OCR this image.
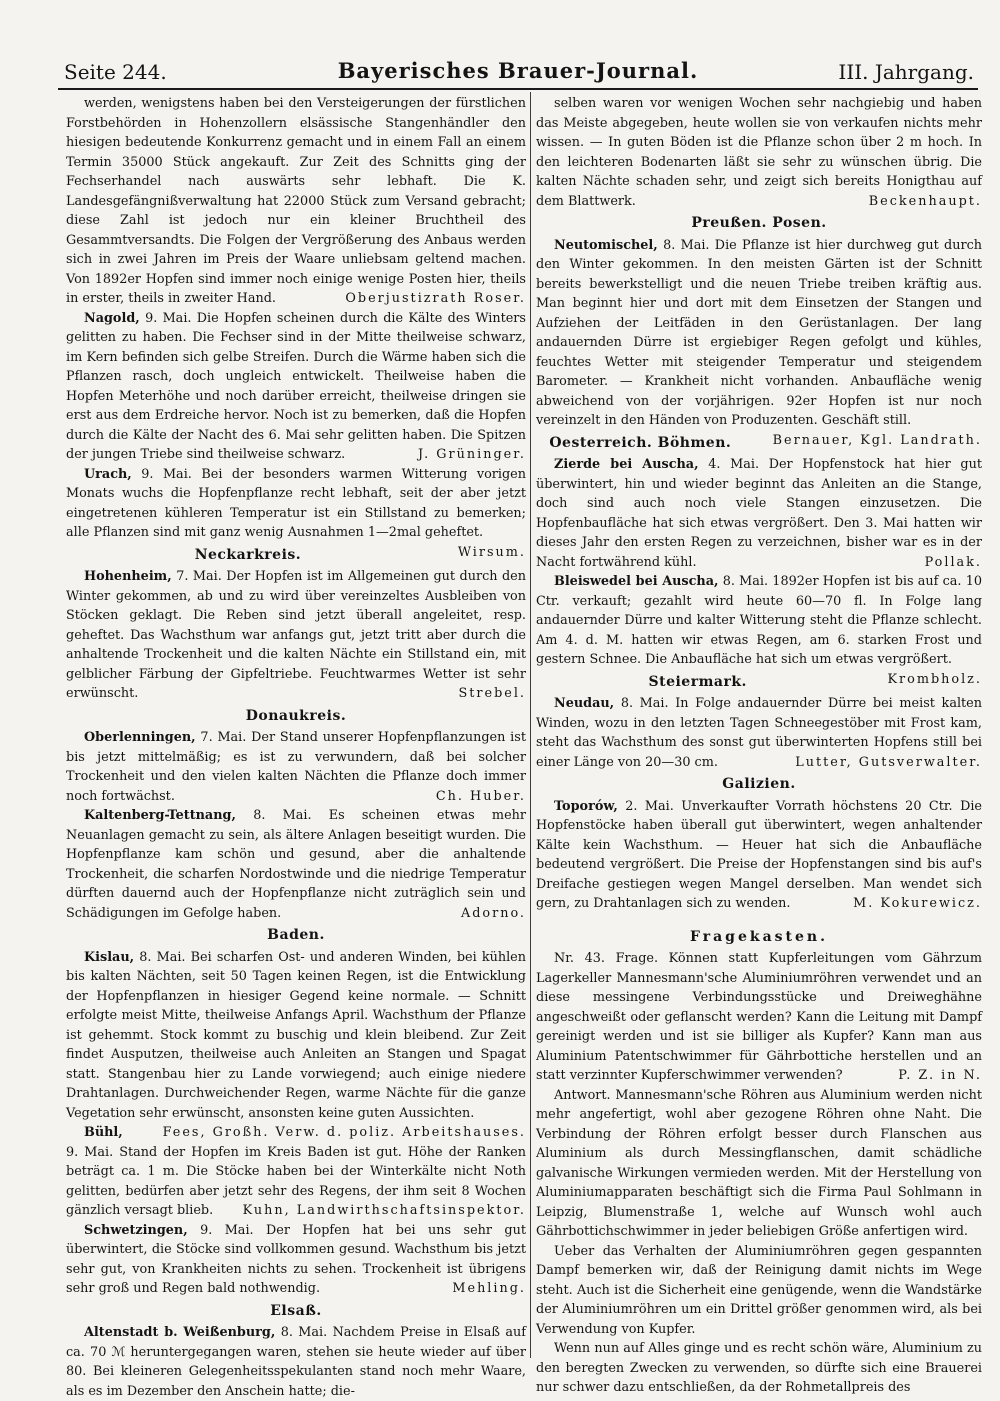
Seite 244.	Bayerisches Brauer-Journal.	III. Jahrgang.

werden, wenigstens haben bei den Versteigerungen der fürstlichen Forstbehörden in Hohenzollern elsässische Stangenhändler den hiesigen bedeutende Konkurrenz gemacht und in einem Fall an einem Termin 35000 Stück angekauft. Zur Zeit des Schnitts ging der Fechserhandel nach auswärts sehr lebhaft. Die K. Landesgefängnißverwaltung hat 22000 Stück zum Versand gebracht; diese Zahl ist jedoch nur ein kleiner Bruchtheil des Gesammtversandts. Die Folgen der Vergrößerung des Anbaus werden sich in zwei Jahren im Preis der Waare unliebsam geltend machen. Von 1892er Hopfen sind immer noch einige wenige Posten hier, theils in erster, theils in zweiter Hand.	Oberjustizrath Roser.

Nagold, 9. Mai. Die Hopfen scheinen durch die Kälte des Winters gelitten zu haben. Die Fechser sind in der Mitte theilweise schwarz, im Kern befinden sich gelbe Streifen. Durch die Wärme haben sich die Pflanzen rasch, doch ungleich entwickelt. Theilweise haben die Hopfen Meterhöhe und noch darüber erreicht, theilweise dringen sie erst aus dem Erdreiche hervor. Noch ist zu bemerken, daß die Hopfen durch die Kälte der Nacht des 6. Mai sehr gelitten haben. Die Spitzen der jungen Triebe sind theilweise schwarz.	J. Grüninger.

Urach, 9. Mai. Bei der besonders warmen Witterung vorigen Monats wuchs die Hopfenpflanze recht lebhaft, seit der aber jetzt eingetretenen kühleren Temperatur ist ein Stillstand zu bemerken; alle Pflanzen sind mit ganz wenig Ausnahmen 1—2mal geheftet.
Wirsum.

Neckarkreis.

Hohenheim, 7. Mai. Der Hopfen ist im Allgemeinen gut durch den Winter gekommen, ab und zu wird über vereinzeltes Ausbleiben von Stöcken geklagt. Die Reben sind jetzt überall angeleitet, resp. geheftet. Das Wachsthum war anfangs gut, jetzt tritt aber durch die anhaltende Trockenheit und die kalten Nächte ein Stillstand ein, mit gelblicher Färbung der Gipfeltriebe. Feuchtwarmes Wetter ist sehr erwünscht.	Strebel.

Donaukreis.

Oberlenningen, 7. Mai. Der Stand unserer Hopfenpflanzungen ist bis jetzt mittelmäßig; es ist zu verwundern, daß bei solcher Trockenheit und den vielen kalten Nächten die Pflanze doch immer noch fortwächst.	Ch. Huber.

Kaltenberg-Tettnang, 8. Mai. Es scheinen etwas mehr Neuanlagen gemacht zu sein, als ältere Anlagen beseitigt wurden. Die Hopfenpflanze kam schön und gesund, aber die anhaltende Trockenheit, die scharfen Nordostwinde und die niedrige Temperatur dürften dauernd auch der Hopfenpflanze nicht zuträglich sein und Schädigungen im Gefolge haben.	Adorno.

Baden.

Kislau, 8. Mai. Bei scharfen Ost- und anderen Winden, bei kühlen bis kalten Nächten, seit 50 Tagen keinen Regen, ist die Entwicklung der Hopfenpflanzen in hiesiger Gegend keine normale. — Schnitt erfolgte meist Mitte, theilweise Anfangs April. Wachsthum der Pflanze ist gehemmt. Stock kommt zu buschig und klein bleibend. Zur Zeit findet Ausputzen, theilweise auch Anleiten an Stangen und Spagat statt. Stangenbau hier zu Lande vorwiegend; auch einige niedere Drahtanlagen. Durchweichender Regen, warme Nächte für die ganze Vegetation sehr erwünscht, ansonsten keine guten Aussichten.
Fees, Großh. Verw. d. poliz. Arbeitshauses.

Bühl, 9. Mai. Stand der Hopfen im Kreis Baden ist gut. Höhe der Ranken beträgt ca. 1 m. Die Stöcke haben bei der Winterkälte nicht Noth gelitten, bedürfen aber jetzt sehr des Regens, der ihm seit 8 Wochen gänzlich versagt blieb.	Kuhn, Landwirthschaftsinspektor.

Schwetzingen, 9. Mai. Der Hopfen hat bei uns sehr gut überwintert, die Stöcke sind vollkommen gesund. Wachsthum bis jetzt sehr gut, von Krankheiten nichts zu sehen. Trockenheit ist übrigens sehr groß und Regen bald nothwendig.	Mehling.

Elsaß.

Altenstadt b. Weißenburg, 8. Mai. Nachdem Preise in Elsaß auf ca. 70 ℳ heruntergegangen waren, stehen sie heute wieder auf über 80. Bei kleineren Gelegenheitsspekulanten stand noch mehr Waare, als es im Dezember den Anschein hatte; die-

selben waren vor wenigen Wochen sehr nachgiebig und haben das Meiste abgegeben, heute wollen sie von verkaufen nichts mehr wissen. — In guten Böden ist die Pflanze schon über 2 m hoch. In den leichteren Bodenarten läßt sie sehr zu wünschen übrig. Die kalten Nächte schaden sehr, und zeigt sich bereits Honigthau auf dem Blattwerk.	Beckenhaupt.

Preußen. Posen.

Neutomischel, 8. Mai. Die Pflanze ist hier durchweg gut durch den Winter gekommen. In den meisten Gärten ist der Schnitt bereits bewerkstelligt und die neuen Triebe treiben kräftig aus. Man beginnt hier und dort mit dem Einsetzen der Stangen und Aufziehen der Leitfäden in den Gerüstanlagen. Der lang andauernden Dürre ist ergiebiger Regen gefolgt und kühles, feuchtes Wetter mit steigender Temperatur und steigendem Barometer. — Krankheit nicht vorhanden. Anbaufläche wenig abweichend von der vorjährigen. 92er Hopfen ist nur noch vereinzelt in den Händen von Produzenten. Geschäft still.
Bernauer, Kgl. Landrath.

Oesterreich. Böhmen.

Zierde bei Auscha, 4. Mai. Der Hopfenstock hat hier gut überwintert, hin und wieder beginnt das Anleiten an die Stange, doch sind auch noch viele Stangen einzusetzen. Die Hopfenbaufläche hat sich etwas vergrößert. Den 3. Mai hatten wir dieses Jahr den ersten Regen zu verzeichnen, bisher war es in der Nacht fortwährend kühl.	Pollak.

Bleiswedel bei Auscha, 8. Mai. 1892er Hopfen ist bis auf ca. 10 Ctr. verkauft; gezahlt wird heute 60—70 fl. In Folge lang andauernder Dürre und kalter Witterung steht die Pflanze schlecht. Am 4. d. M. hatten wir etwas Regen, am 6. starken Frost und gestern Schnee. Die Anbaufläche hat sich um etwas vergrößert.
Krombholz.

Steiermark.

Neudau, 8. Mai. In Folge andauernder Dürre bei meist kalten Winden, wozu in den letzten Tagen Schneegestöber mit Frost kam, steht das Wachsthum des sonst gut überwinterten Hopfens still bei einer Länge von 20—30 cm.	Lutter, Gutsverwalter.

Galizien.

Toporów, 2. Mai. Unverkaufter Vorrath höchstens 20 Ctr. Die Hopfenstöcke haben überall gut überwintert, wegen anhaltender Kälte kein Wachsthum. — Heuer hat sich die Anbaufläche bedeutend vergrößert. Die Preise der Hopfenstangen sind bis auf's Dreifache gestiegen wegen Mangel derselben. Man wendet sich gern, zu Drahtanlagen sich zu wenden.	M. Kokurewicz.

Fragekasten.

Nr. 43. Frage. Können statt Kupferleitungen vom Gährzum Lagerkeller Mannesmann'sche Aluminiumröhren verwendet und an diese messingene Verbindungsstücke und Dreiweghähne angeschweißt oder geflanscht werden? Kann die Leitung mit Dampf gereinigt werden und ist sie billiger als Kupfer? Kann man aus Aluminium Patentschwimmer für Gährbottiche herstellen und an statt verzinnter Kupferschwimmer verwenden?	P. Z. in N.

Antwort. Mannesmann'sche Röhren aus Aluminium werden nicht mehr angefertigt, wohl aber gezogene Röhren ohne Naht. Die Verbindung der Röhren erfolgt besser durch Flanschen aus Aluminium als durch Messingflanschen, damit schädliche galvanische Wirkungen vermieden werden. Mit der Herstellung von Aluminiumapparaten beschäftigt sich die Firma Paul Sohlmann in Leipzig, Blumenstraße 1, welche auf Wunsch wohl auch Gährbottichschwimmer in jeder beliebigen Größe anfertigen wird.

Ueber das Verhalten der Aluminiumröhren gegen gespannten Dampf bemerken wir, daß der Reinigung damit nichts im Wege steht. Auch ist die Sicherheit eine genügende, wenn die Wandstärke der Aluminiumröhren um ein Drittel größer genommen wird, als bei Verwendung von Kupfer.

Wenn nun auf Alles ginge und es recht schön wäre, Aluminium zu den beregten Zwecken zu verwenden, so dürfte sich eine Brauerei nur schwer dazu entschließen, da der Rohmetallpreis des
